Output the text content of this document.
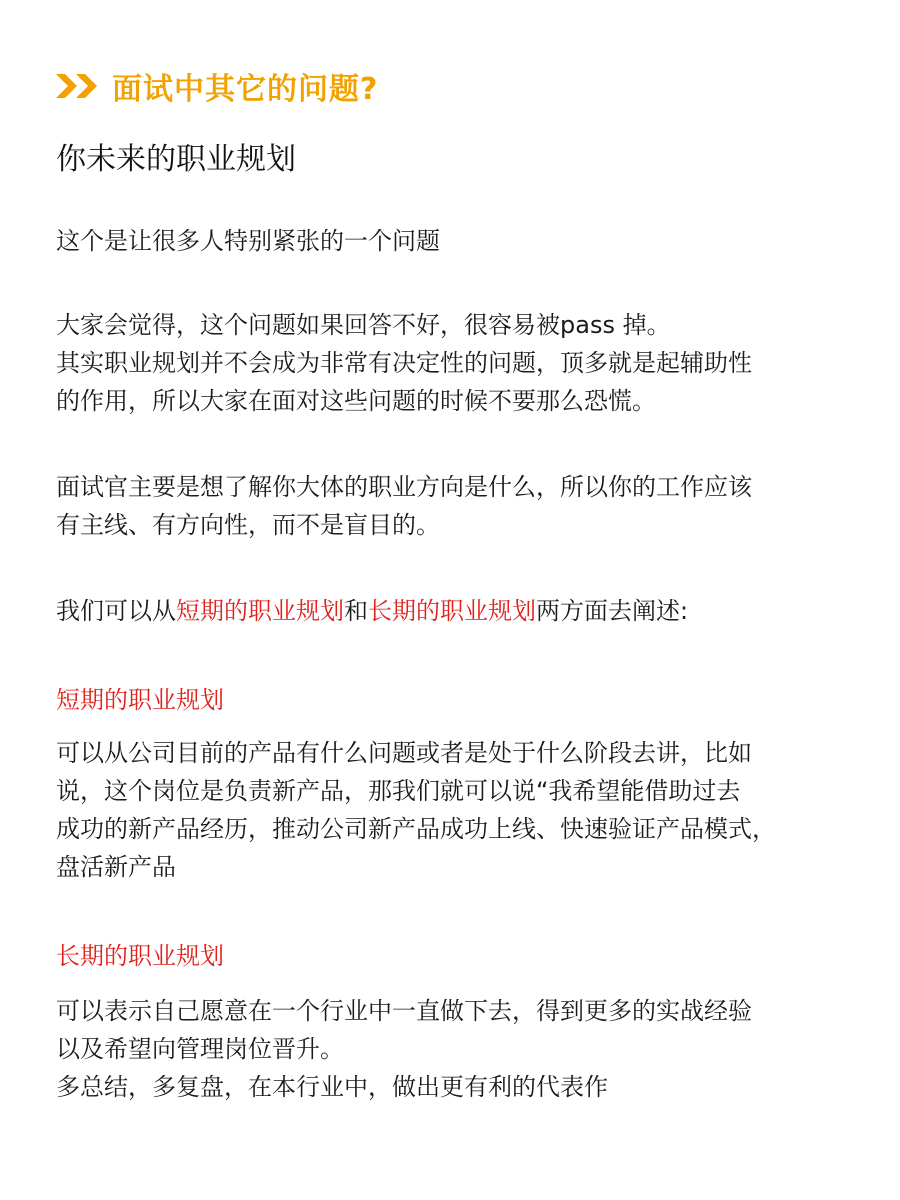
面试中其它的问题?
你未来的职业规划

这个是让很多人特别紧张的一个问题

大家会觉得，这个问题如果回答不好，很容易被pass 掉。
其实职业规划并不会成为非常有决定性的问题，顶多就是起辅助性
的作用，所以大家在面对这些问题的时候不要那么恐慌。

面试官主要是想了解你大体的职业方向是什么，所以你的工作应该
有主线、有方向性，而不是盲目的。

我们可以从短期的职业规划和长期的职业规划两方面去阐述:

短期的职业规划

可以从公司目前的产品有什么问题或者是处于什么阶段去讲，比如
说，这个岗位是负责新产品，那我们就可以说“我希望能借助过去
成功的新产品经历，推动公司新产品成功上线、快速验证产品模式，
盘活新产品

长期的职业规划

可以表示自己愿意在一个行业中一直做下去，得到更多的实战经验
以及希望向管理岗位晋升。
多总结，多复盘，在本行业中，做出更有利的代表作
